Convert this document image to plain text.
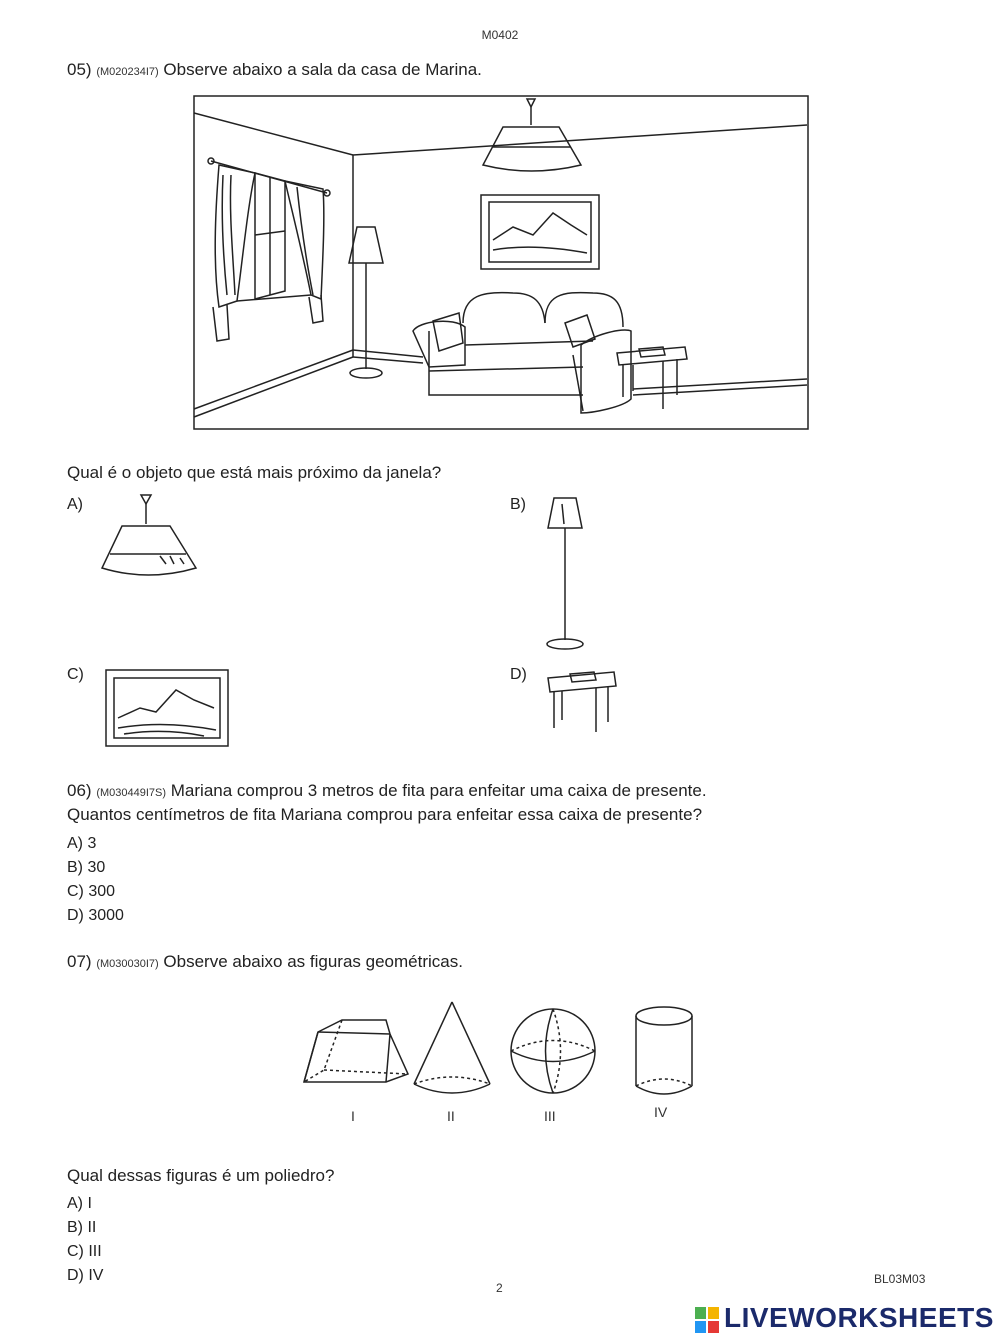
M0402
05) (M020234I7) Observe abaixo a sala da casa de Marina.
Qual é o objeto que está mais próximo da janela?
A)	B)
C)	D)
06) (M030449I7S) Mariana comprou 3 metros de fita para enfeitar uma caixa de presente.
Quantos centímetros de fita Mariana comprou para enfeitar essa caixa de presente?
A) 3
B) 30
C) 300
D) 3000
07) (M030030I7) Observe abaixo as figuras geométricas.
I	II	III	IV
Qual dessas figuras é um poliedro?
A) I
B) II
C) III
D) IV
2
BL03M03
LIVEWORKSHEETS
